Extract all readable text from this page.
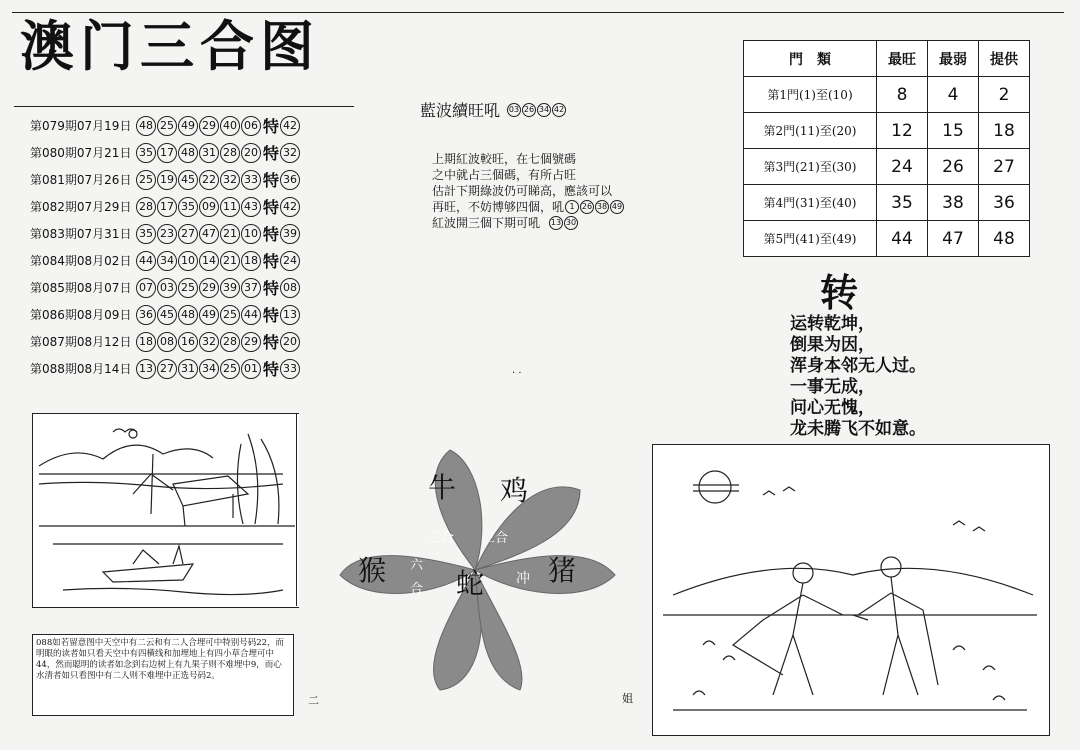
澳门三合图
第079期07月19日 48 25 49 29 40 06 特 42
第080期07月21日 35 17 48 31 28 20 特 32
第081期07月26日 25 19 45 22 32 33 特 36
第082期07月29日 28 17 35 09 11 43 特 42
第083期07月31日 35 23 27 47 21 10 特 39
第084期08月02日 44 34 10 14 21 18 特 24
第085期08月07日 07 03 25 29 39 37 特 08
第086期08月09日 36 45 48 49 25 44 特 13
第087期08月12日 18 08 16 32 28 29 特 20
第088期08月14日 13 27 31 34 25 01 特 33
藍波續旺吼 03 26 34 42
上期紅波較旺，在七個號碼
之中就占三個碼，有所占旺
估計下期綠波仍可睇高，應該可以
再旺，不妨博够四個，吼 1 26 38 49
紅波開三個下期可吼 13 30
· ·
門　類	最旺	最弱	提供
第1門(1)至(10)	8	4	2
第2門(11)至(20)	12	15	18
第3門(21)至(30)	24	26	27
第4門(31)至(40)	35	38	36
第5門(41)至(49)	44	47	48
转
运转乾坤，
倒果为因，
浑身本邻无人过。
一事无成，
问心无愧，
龙未腾飞不如意。
牛 鸡
猴 蛇 猪
三合 三合
六
合
冲
088如若留意图中天空中有二云和有二人合埋可中特别号码22，而明眼的读者如只看天空中有四横线和加埋地上有四小草合埋可中44，然而聪明的读者如念到右边树上有九果子则不难埋中9，而心水清者如只看图中有二人则不难埋中正选号码2。
二	姐
